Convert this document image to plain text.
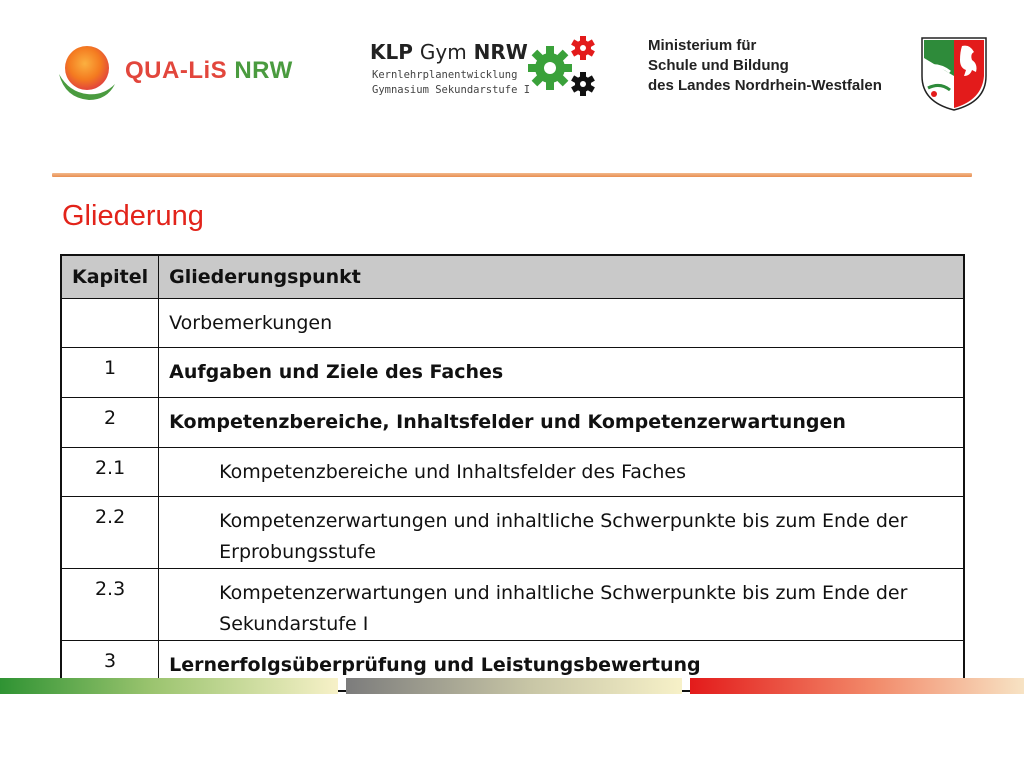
QUA-LiS NRW
KLP Gym NRW
Kernlehrplanentwicklung
Gymnasium Sekundarstufe I
Ministerium für
Schule und Bildung
des Landes Nordrhein-Westfalen
Gliederung
Kapitel	Gliederungspunkt
	Vorbemerkungen
1	Aufgaben und Ziele des Faches
2	Kompetenzbereiche, Inhaltsfelder und Kompetenzerwartungen
2.1	Kompetenzbereiche und Inhaltsfelder des Faches
2.2	Kompetenzerwartungen und inhaltliche Schwerpunkte bis zum Ende der Erprobungsstufe
2.3	Kompetenzerwartungen und inhaltliche Schwerpunkte bis zum Ende der Sekundarstufe I
3	Lernerfolgsüberprüfung und Leistungsbewertung
